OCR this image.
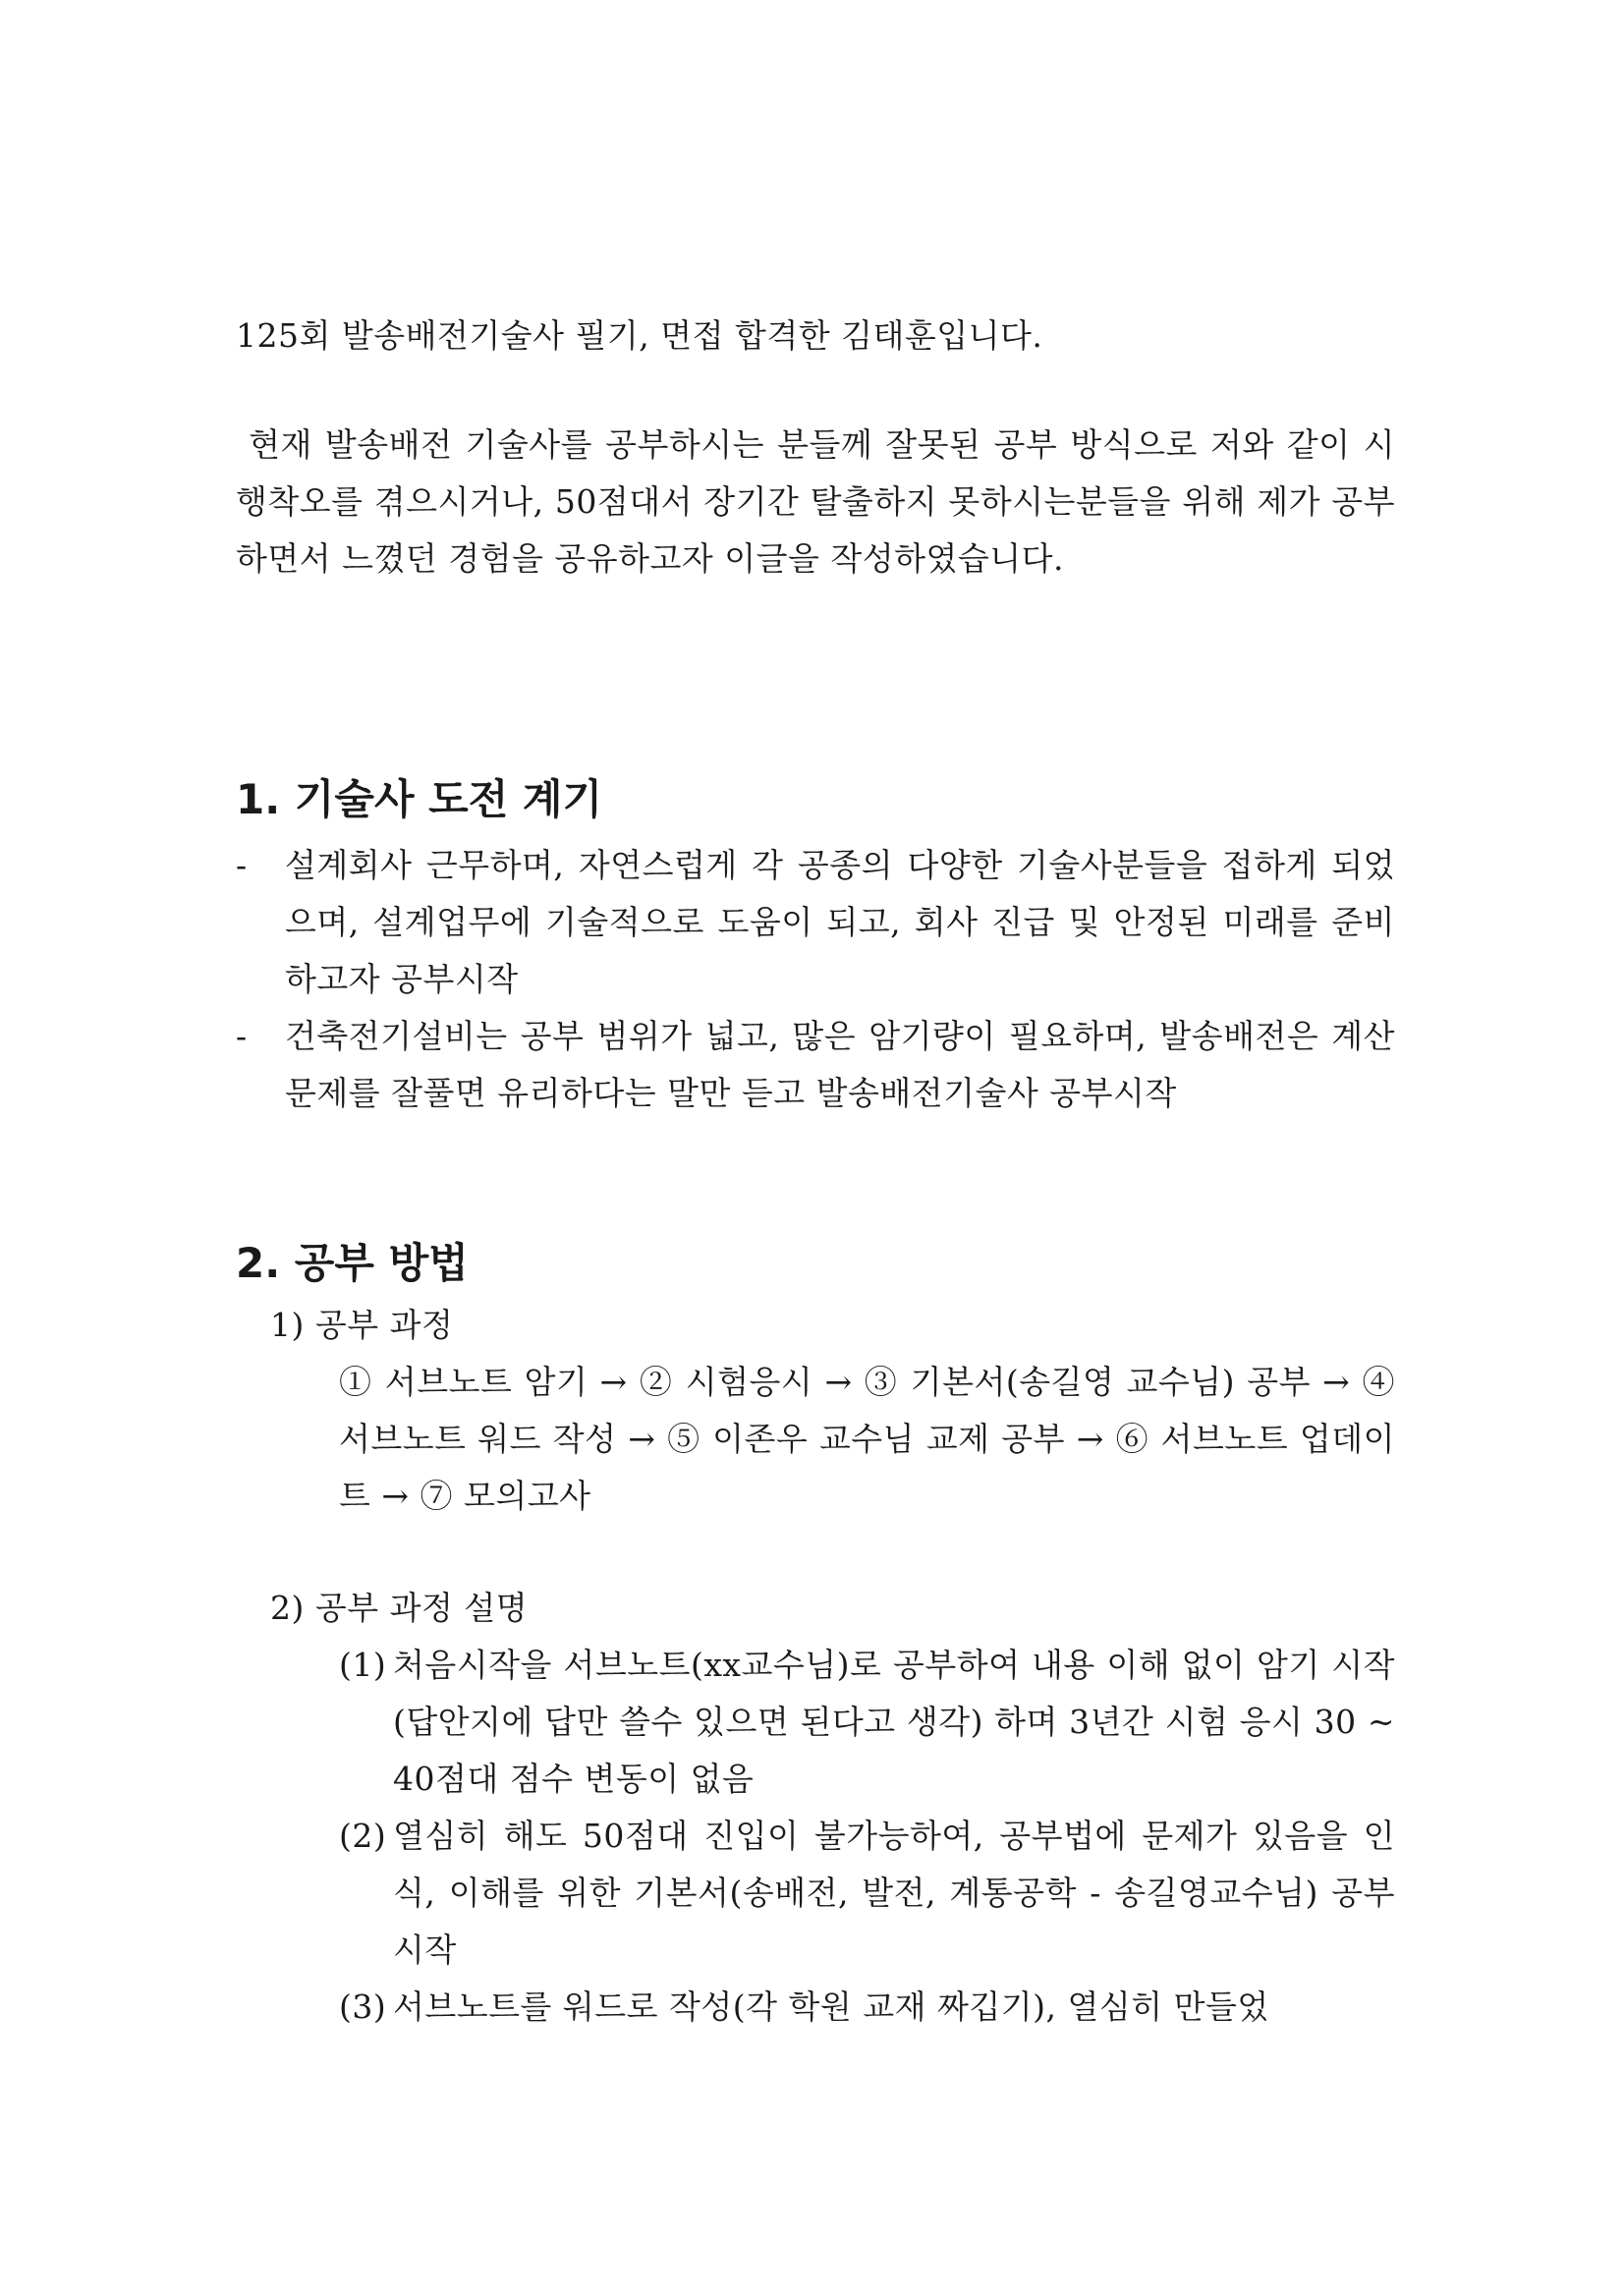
125회 발송배전기술사 필기, 면접 합격한 김태훈입니다.
현재 발송배전 기술사를 공부하시는 분들께 잘못된 공부 방식으로 저와 같이 시행착오를 겪으시거나, 50점대서 장기간 탈출하지 못하시는분들을 위해 제가 공부하면서 느꼈던 경험을 공유하고자 이글을 작성하였습니다.
1. 기술사 도전 계기
- 설계회사 근무하며, 자연스럽게 각 공종의 다양한 기술사분들을 접하게 되었으며, 설계업무에 기술적으로 도움이 되고, 회사 진급 및 안정된 미래를 준비하고자 공부시작
- 건축전기설비는 공부 범위가 넓고, 많은 암기량이 필요하며, 발송배전은 계산 문제를 잘풀면 유리하다는 말만 듣고 발송배전기술사 공부시작
2. 공부 방법
1) 공부 과정
① 서브노트 암기 → ② 시험응시 → ③ 기본서(송길영 교수님) 공부 → ④ 서브노트 워드 작성 → ⑤ 이존우 교수님 교제 공부 → ⑥ 서브노트 업데이트 → ⑦ 모의고사
2) 공부 과정 설명
(1) 처음시작을 서브노트(xx교수님)로 공부하여 내용 이해 없이 암기 시작 (답안지에 답만 쓸수 있으면 된다고 생각) 하며 3년간 시험 응시 30 ~ 40점대 점수 변동이 없음
(2) 열심히 해도 50점대 진입이 불가능하여, 공부법에 문제가 있음을 인식, 이해를 위한 기본서(송배전, 발전, 계통공학 - 송길영교수님) 공부 시작
(3) 서브노트를 워드로 작성(각 학원 교재 짜깁기), 열심히 만들었
